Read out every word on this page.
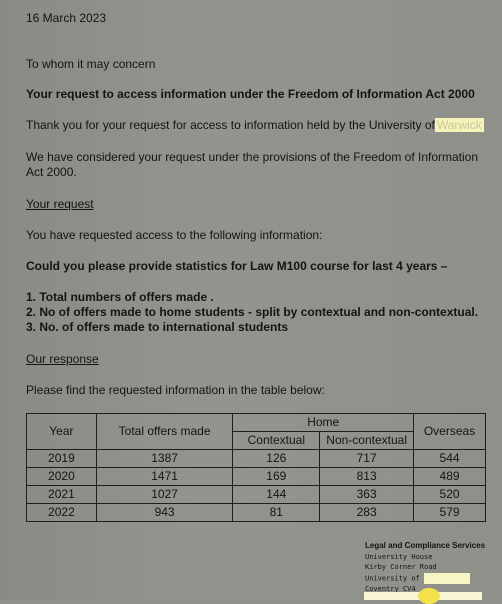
16 March 2023
To whom it may concern
Your request to access information under the Freedom of Information Act 2000
Thank you for your request for access to information held by the University of Warwick
We have considered your request under the provisions of the Freedom of Information
Act 2000.
Your request
You have requested access to the following information:
Could you please provide statistics for Law M100 course for last 4 years –
1. Total numbers of offers made .
2. No of offers made to home students - split by contextual and non-contextual.
3. No. of offers made to international students
Our response
Please find the requested information in the table below:
Year	Total offers made	Home		Overseas
		Contextual	Non-contextual	
2019	1387	126	717	544
2020	1471	169	813	489
2021	1027	144	363	520
2022	943	81	283	579
Legal and Compliance Services
University House
Kirby Corner Road
University of
Coventry CV4
